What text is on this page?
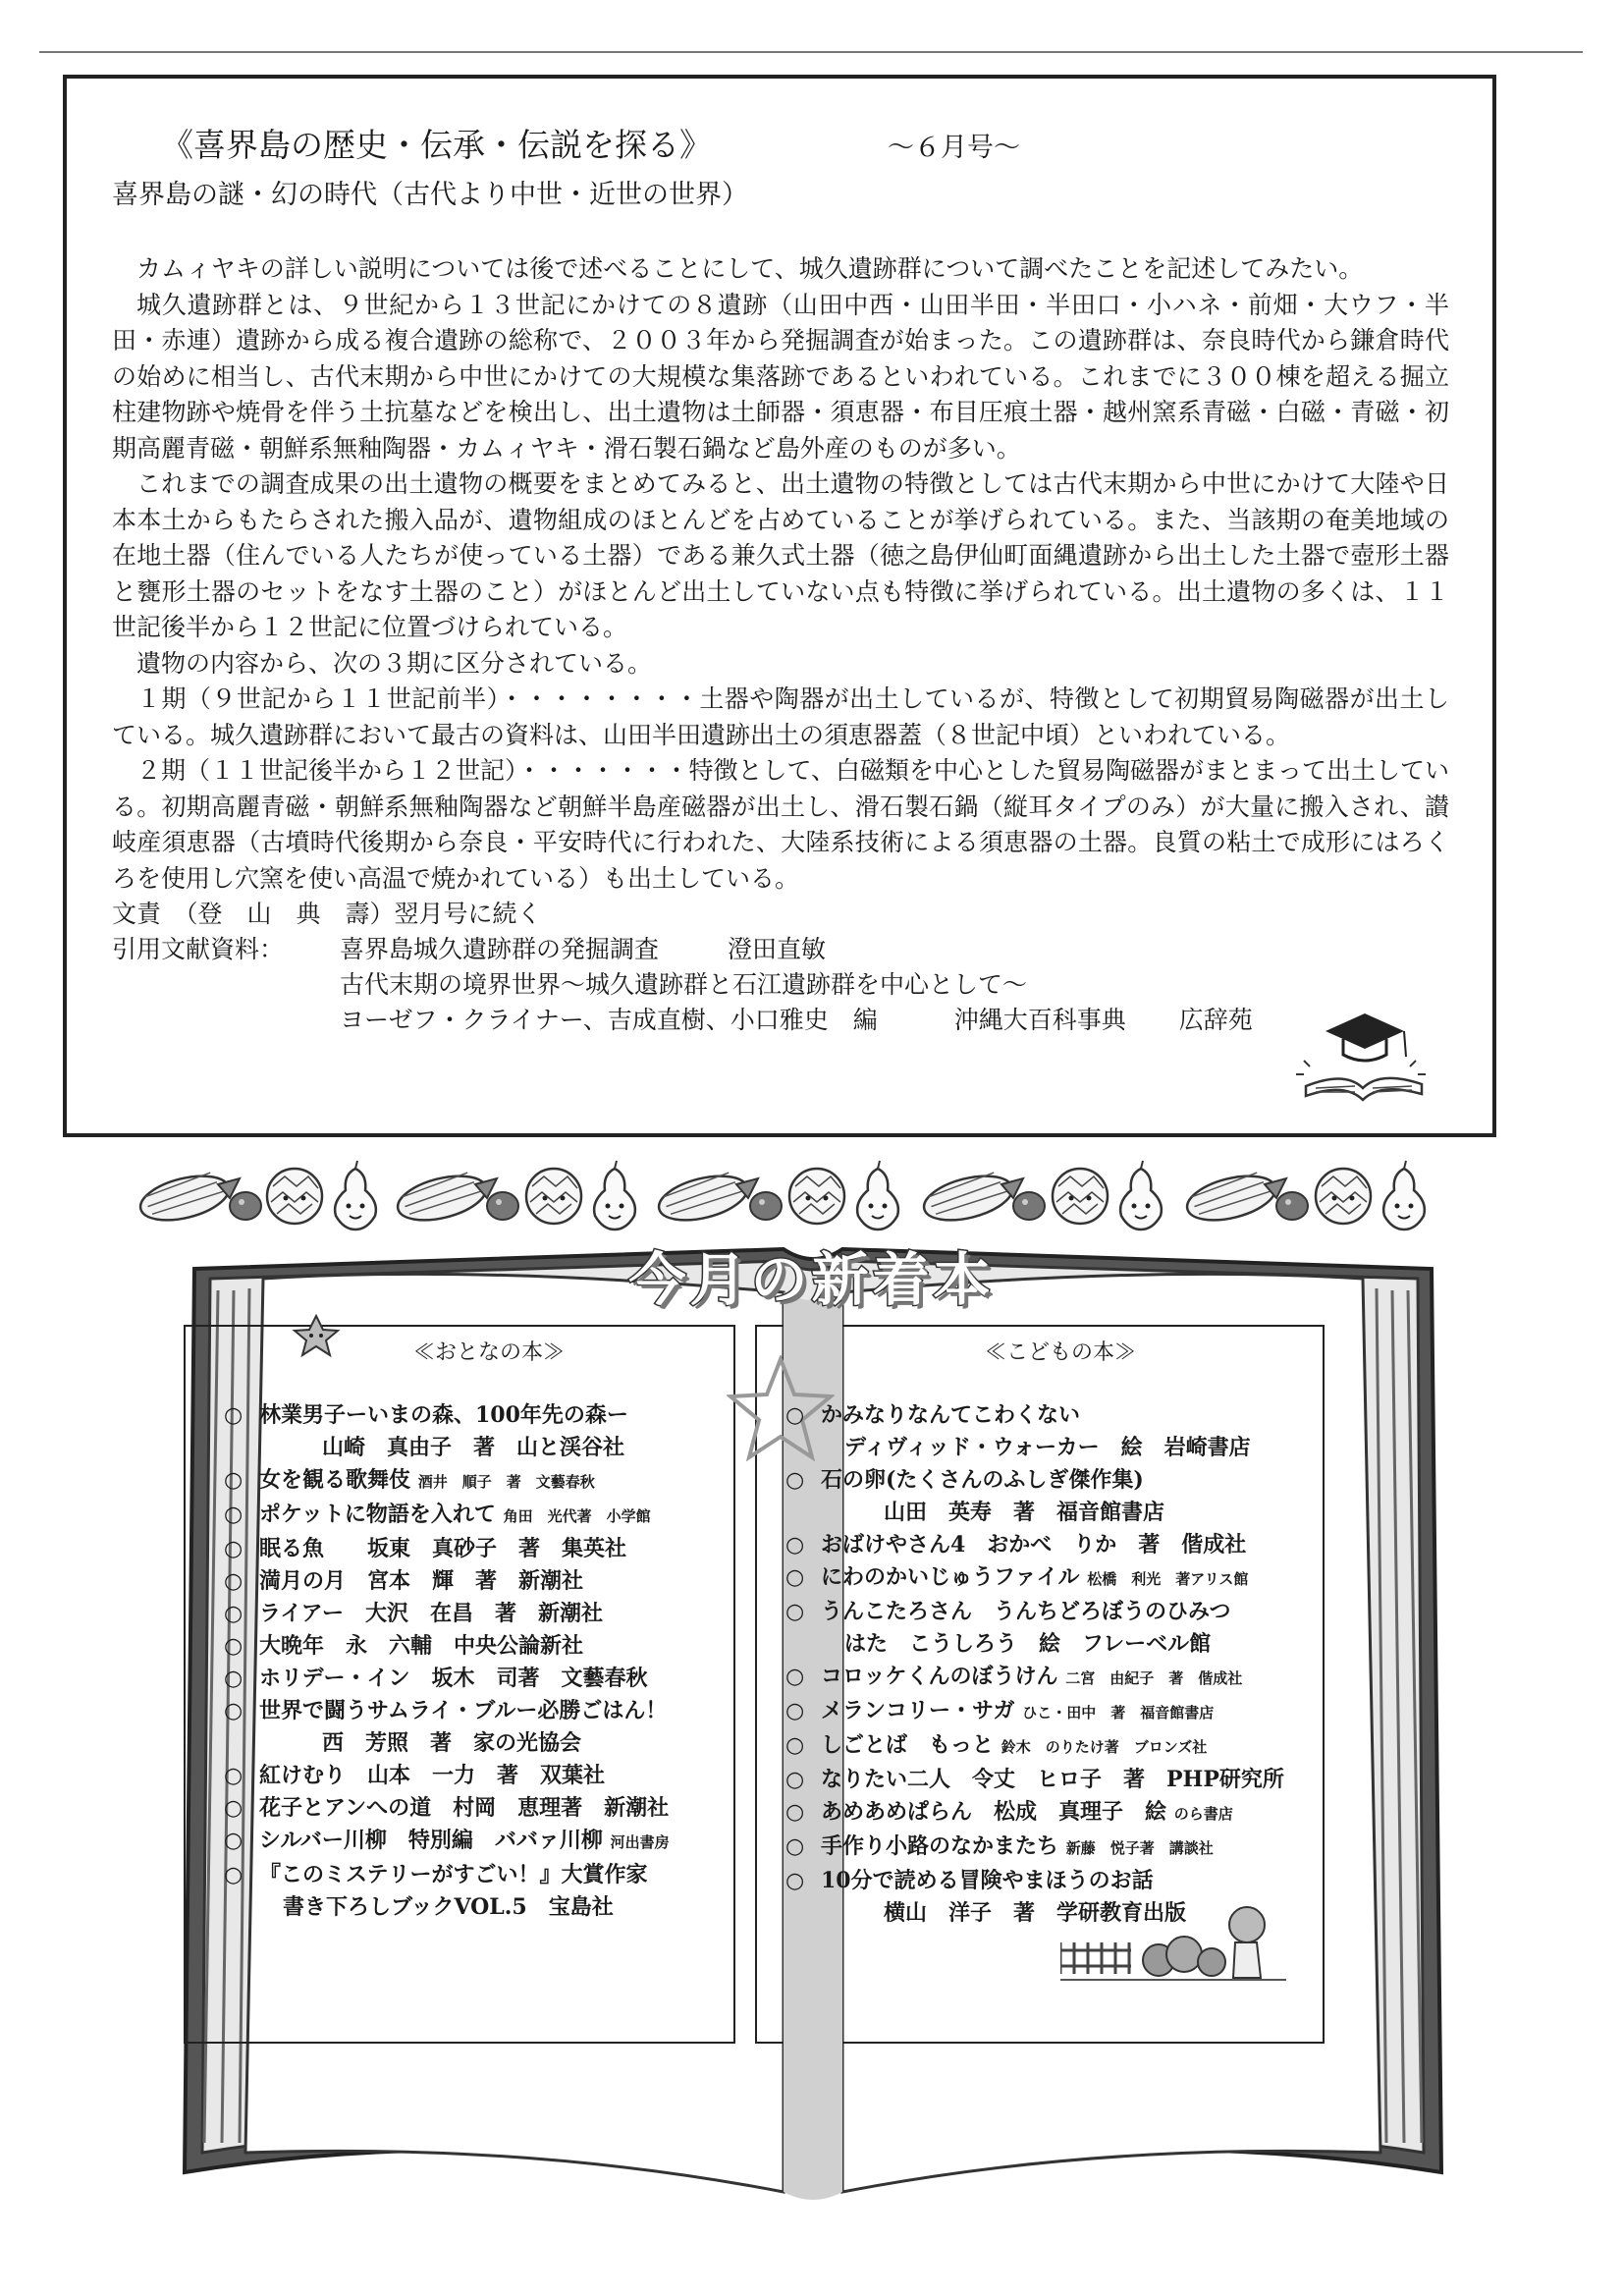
《喜界島の歴史・伝承・伝説を探る》	～６月号～
喜界島の謎・幻の時代（古代より中世・近世の世界）

カムィヤキの詳しい説明については後で述べることにして、城久遺跡群について調べたことを記述してみたい。

城久遺跡群とは、９世紀から１３世記にかけての８遺跡（山田中西・山田半田・半田口・小ハネ・前畑・大ウフ・半田・赤連）遺跡から成る複合遺跡の総称で、２００３年から発掘調査が始まった。この遺跡群は、奈良時代から鎌倉時代の始めに相当し、古代末期から中世にかけての大規模な集落跡であるといわれている。これまでに３００棟を超える掘立柱建物跡や焼骨を伴う土抗墓などを検出し、出土遺物は土師器・須恵器・布目圧痕土器・越州窯系青磁・白磁・青磁・初期高麗青磁・朝鮮系無釉陶器・カムィヤキ・滑石製石鍋など島外産のものが多い。

これまでの調査成果の出土遺物の概要をまとめてみると、出土遺物の特徴としては古代末期から中世にかけて大陸や日本本土からもたらされた搬入品が、遺物組成のほとんどを占めていることが挙げられている。また、当該期の奄美地域の在地土器（住んでいる人たちが使っている土器）である兼久式土器（徳之島伊仙町面縄遺跡から出土した土器で壺形土器と甕形土器のセットをなす土器のこと）がほとんど出土していない点も特徴に挙げられている。出土遺物の多くは、１１世記後半から１２世記に位置づけられている。

遺物の内容から、次の３期に区分されている。

１期（９世記から１１世記前半）・・・・・・・・土器や陶器が出土しているが、特徴として初期貿易陶磁器が出土している。城久遺跡群において最古の資料は、山田半田遺跡出土の須恵器蓋（８世記中頃）といわれている。

２期（１１世記後半から１２世記）・・・・・・・特徴として、白磁類を中心とした貿易陶磁器がまとまって出土している。初期高麗青磁・朝鮮系無釉陶器など朝鮮半島産磁器が出土し、滑石製石鍋（縦耳タイプのみ）が大量に搬入され、讃岐産須恵器（古墳時代後期から奈良・平安時代に行われた、大陸系技術による須恵器の土器。良質の粘土で成形にはろくろを使用し穴窯を使い高温で焼かれている）も出土している。

文責　（登　山　典　壽）翌月号に続く
引用文献資料：	喜界島城久遺跡群の発掘調査	澄田直敏
古代末期の境界世界～城久遺跡群と石江遺跡群を中心として～
ヨーゼフ・クライナー、吉成直樹、小口雅史　編	沖縄大百科事典 広辞苑
今月の新着本
≪おとなの本≫
○ 林業男子ーいまの森、100年先の森ー
山崎　真由子　著　山と渓谷社
○ 女を観る歌舞伎 酒井　順子　著　文藝春秋
○ ポケットに物語を入れて 角田　光代著　小学館
○ 眠る魚　　坂東　真砂子　著　集英社
○ 満月の月　宮本　輝　著　新潮社
○ ライアー　大沢　在昌　著　新潮社
○ 大晩年　永　六輔　中央公論新社
○ ホリデー・イン　坂木　司著　文藝春秋
○ 世界で闘うサムライ・ブルー必勝ごはん！
西　芳照　著　家の光協会
○ 紅けむり　山本　一力　著　双葉社
○ 花子とアンへの道　村岡　恵理著　新潮社
○ シルバー川柳　特別編　ババァ川柳 河出書房
○ 『このミステリーがすごい！』大賞作家
書き下ろしブックVOL.5　宝島社
≪こどもの本≫
○ かみなりなんてこわくない
ディヴィッド・ウォーカー　絵　岩崎書店
○ 石の卵(たくさんのふしぎ傑作集)
山田　英寿　著　福音館書店
○ おばけやさん4　おかべ　りか　著　偕成社
○ にわのかいじゅうファイル 松橋　利光　著アリス館
○ うんこたろさん　うんちどろぼうのひみつ
はた　こうしろう　絵　フレーベル館
○ コロッケくんのぼうけん 二宮　由紀子　著　偕成社
○ メランコリー・サガ ひこ・田中　著　福音館書店
○ しごとば　もっと 鈴木　のりたけ著　ブロンズ社
○ なりたい二人　令丈　ヒロ子　著　PHP研究所
○ あめあめぱらん　松成　真理子　絵 のら書店
○ 手作り小路のなかまたち 新藤　悦子著　講談社
○ 10分で読める冒険やまほうのお話
横山　洋子　著　学研教育出版
